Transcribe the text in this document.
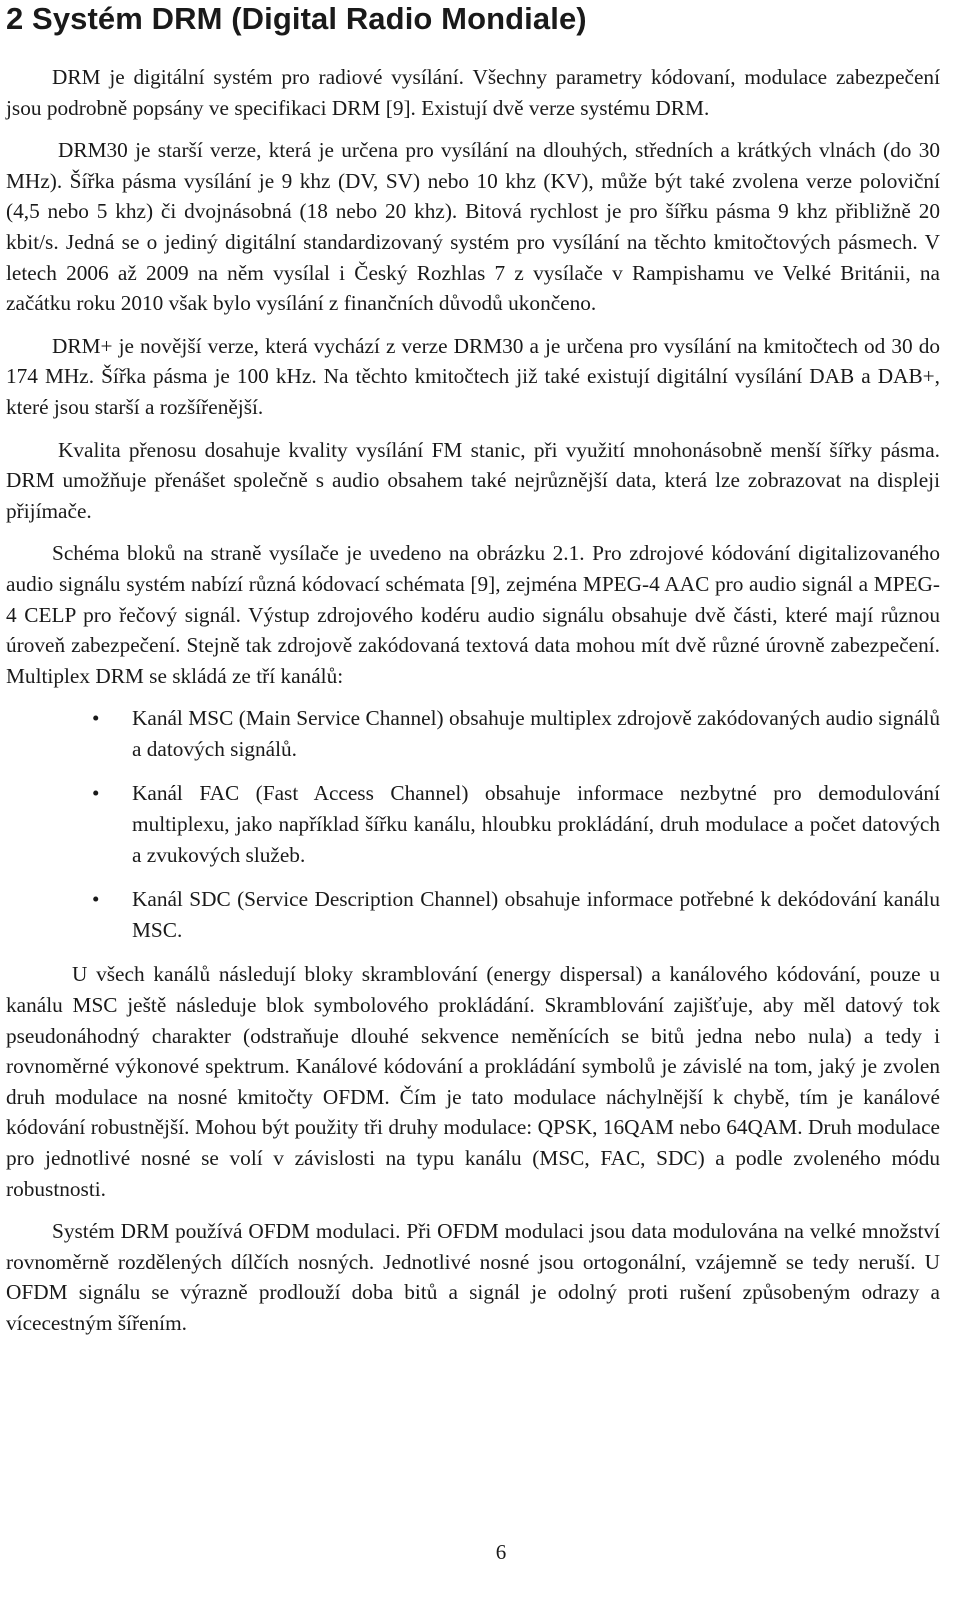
2 Systém DRM (Digital Radio Mondiale)

DRM je digitální systém pro radiové vysílání. Všechny parametry kódovaní, modulace zabezpečení jsou podrobně popsány ve specifikaci DRM [9]. Existují dvě verze systému DRM.

DRM30 je starší verze, která je určena pro vysílání na dlouhých, středních a krátkých vlnách (do 30 MHz). Šířka pásma vysílání je 9 khz (DV, SV) nebo 10 khz (KV), může být také zvolena verze poloviční (4,5 nebo 5 khz) či dvojnásobná (18 nebo 20 khz). Bitová rychlost je pro šířku pásma 9 khz přibližně 20 kbit/s. Jedná se o jediný digitální standardizovaný systém pro vysílání na těchto kmitočtových pásmech. V letech 2006 až 2009 na něm vysílal i Český Rozhlas 7 z vysílače v Rampishamu ve Velké Británii, na začátku roku 2010 však bylo vysílání z finančních důvodů ukončeno.

DRM+ je novější verze, která vychází z verze DRM30 a je určena pro vysílání na kmitočtech od 30 do 174 MHz. Šířka pásma je 100 kHz. Na těchto kmitočtech již také existují digitální vysílání DAB a DAB+, které jsou starší a rozšířenější.

Kvalita přenosu dosahuje kvality vysílání FM stanic, při využití mnohonásobně menší šířky pásma. DRM umožňuje přenášet společně s audio obsahem také nejrůznější data, která lze zobrazovat na displeji přijímače.

Schéma bloků na straně vysílače je uvedeno na obrázku 2.1. Pro zdrojové kódování digitalizovaného audio signálu systém nabízí různá kódovací schémata [9], zejména MPEG-4 AAC pro audio signál a MPEG-4 CELP pro řečový signál. Výstup zdrojového kodéru audio signálu obsahuje dvě části, které mají různou úroveň zabezpečení. Stejně tak zdrojově zakódovaná textová data mohou mít dvě různé úrovně zabezpečení. Multiplex DRM se skládá ze tří kanálů:

• Kanál MSC (Main Service Channel) obsahuje multiplex zdrojově zakódovaných audio signálů a datových signálů.
• Kanál FAC (Fast Access Channel) obsahuje informace nezbytné pro demodulování multiplexu, jako například šířku kanálu, hloubku prokládání, druh modulace a počet datových a zvukových služeb.
• Kanál SDC (Service Description Channel) obsahuje informace potřebné k dekódování kanálu MSC.

U všech kanálů následují bloky skramblování (energy dispersal) a kanálového kódování, pouze u kanálu MSC ještě následuje blok symbolového prokládání. Skramblování zajišťuje, aby měl datový tok pseudonáhodný charakter (odstraňuje dlouhé sekvence neměnících se bitů jedna nebo nula) a tedy i rovnoměrné výkonové spektrum. Kanálové kódování a prokládání symbolů je závislé na tom, jaký je zvolen druh modulace na nosné kmitočty OFDM. Čím je tato modulace náchylnější k chybě, tím je kanálové kódování robustnější. Mohou být použity tři druhy modulace: QPSK, 16QAM nebo 64QAM. Druh modulace pro jednotlivé nosné se volí v závislosti na typu kanálu (MSC, FAC, SDC) a podle zvoleného módu robustnosti.

Systém DRM používá OFDM modulaci. Při OFDM modulaci jsou data modulována na velké množství rovnoměrně rozdělených dílčích nosných. Jednotlivé nosné jsou ortogonální, vzájemně se tedy neruší. U OFDM signálu se výrazně prodlouží doba bitů a signál je odolný proti rušení způsobeným odrazy a vícecestným šířením.

6
